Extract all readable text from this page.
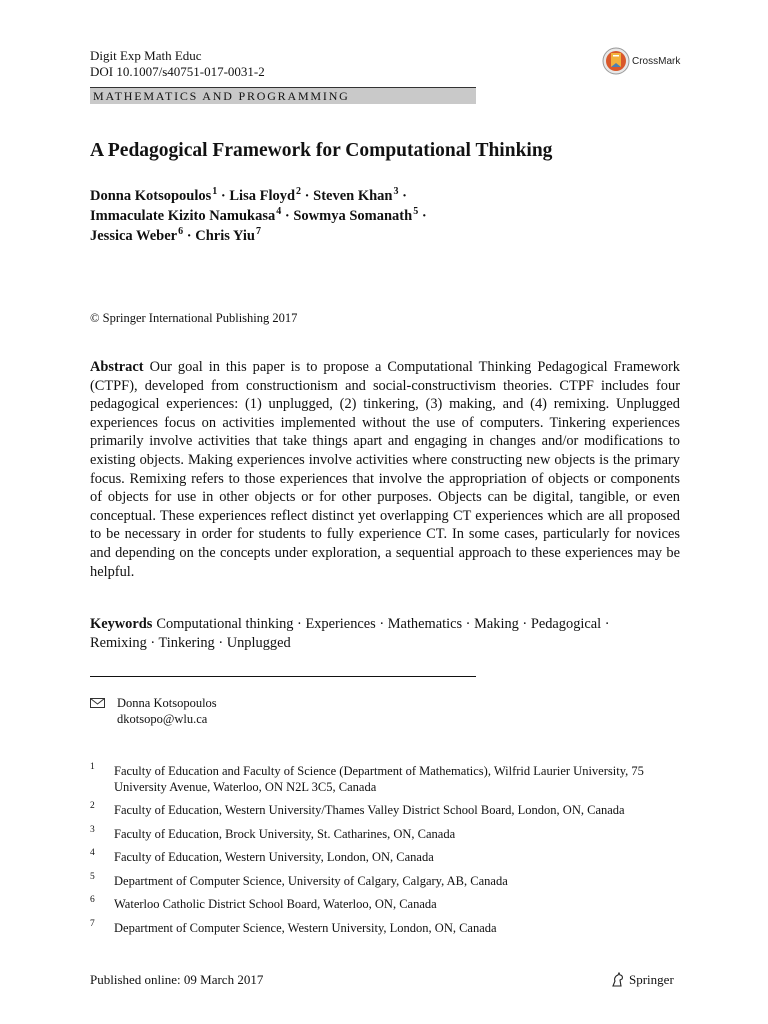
Digit Exp Math Educ
DOI 10.1007/s40751-017-0031-2
CrossMark
MATHEMATICS AND PROGRAMMING
A Pedagogical Framework for Computational Thinking
Donna Kotsopoulos$^1$ · Lisa Floyd$^2$ · Steven Khan$^3$ ·
Immaculate Kizito Namukasa$^4$ · Sowmya Somanath$^5$ ·
Jessica Weber$^6$ · Chris Yiu$^7$
© Springer International Publishing 2017
Abstract Our goal in this paper is to propose a Computational Thinking Pedagogical Framework (CTPF), developed from constructionism and social-constructivism theories. CTPF includes four pedagogical experiences: (1) unplugged, (2) tinkering, (3) making, and (4) remixing. Unplugged experiences focus on activities implemented without the use of computers. Tinkering experiences primarily involve activities that take things apart and engaging in changes and/or modifications to existing objects. Making experiences involve activities where constructing new objects is the primary focus. Remixing refers to those experiences that involve the appropriation of objects or components of objects for use in other objects or for other purposes. Objects can be digital, tangible, or even conceptual. These experiences reflect distinct yet overlapping CT experiences which are all proposed to be necessary in order for students to fully experience CT. In some cases, particularly for novices and depending on the concepts under exploration, a sequential approach to these experiences may be helpful.
Keywords Computational thinking · Experiences · Mathematics · Making · Pedagogical ·
Remixing · Tinkering · Unplugged
Donna Kotsopoulos
dkotsopo@wlu.ca
1 Faculty of Education and Faculty of Science (Department of Mathematics), Wilfrid Laurier University, 75 University Avenue, Waterloo, ON N2L 3C5, Canada
2 Faculty of Education, Western University/Thames Valley District School Board, London, ON, Canada
3 Faculty of Education, Brock University, St. Catharines, ON, Canada
4 Faculty of Education, Western University, London, ON, Canada
5 Department of Computer Science, University of Calgary, Calgary, AB, Canada
6 Waterloo Catholic District School Board, Waterloo, ON, Canada
7 Department of Computer Science, Western University, London, ON, Canada
Published online: 09 March 2017	Springer
